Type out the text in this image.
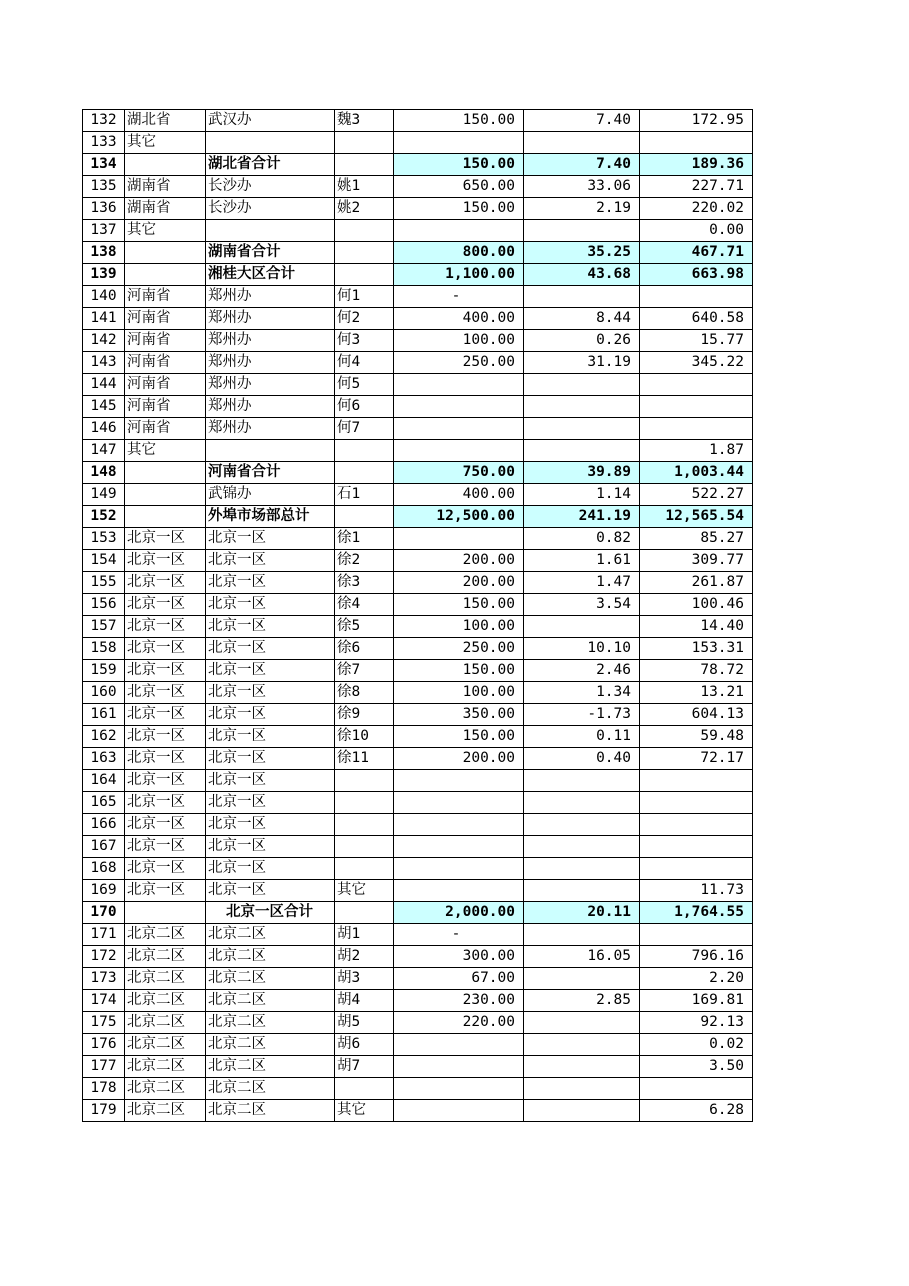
132	湖北省	武汉办	魏3	150.00	7.40	172.95
133	其它					
134		湖北省合计		150.00	7.40	189.36
135	湖南省	长沙办	姚1	650.00	33.06	227.71
136	湖南省	长沙办	姚2	150.00	2.19	220.02
137	其它					0.00
138		湖南省合计		800.00	35.25	467.71
139		湘桂大区合计		1,100.00	43.68	663.98
140	河南省	郑州办	何1	-		
141	河南省	郑州办	何2	400.00	8.44	640.58
142	河南省	郑州办	何3	100.00	0.26	15.77
143	河南省	郑州办	何4	250.00	31.19	345.22
144	河南省	郑州办	何5			
145	河南省	郑州办	何6			
146	河南省	郑州办	何7			
147	其它					1.87
148		河南省合计		750.00	39.89	1,003.44
149		武锦办	石1	400.00	1.14	522.27
152		外埠市场部总计		12,500.00	241.19	12,565.54
153	北京一区	北京一区	徐1		0.82	85.27
154	北京一区	北京一区	徐2	200.00	1.61	309.77
155	北京一区	北京一区	徐3	200.00	1.47	261.87
156	北京一区	北京一区	徐4	150.00	3.54	100.46
157	北京一区	北京一区	徐5	100.00		14.40
158	北京一区	北京一区	徐6	250.00	10.10	153.31
159	北京一区	北京一区	徐7	150.00	2.46	78.72
160	北京一区	北京一区	徐8	100.00	1.34	13.21
161	北京一区	北京一区	徐9	350.00	-1.73	604.13
162	北京一区	北京一区	徐10	150.00	0.11	59.48
163	北京一区	北京一区	徐11	200.00	0.40	72.17
164	北京一区	北京一区				
165	北京一区	北京一区				
166	北京一区	北京一区				
167	北京一区	北京一区				
168	北京一区	北京一区				
169	北京一区	北京一区	其它			11.73
170		北京一区合计		2,000.00	20.11	1,764.55
171	北京二区	北京二区	胡1	-		
172	北京二区	北京二区	胡2	300.00	16.05	796.16
173	北京二区	北京二区	胡3	67.00		2.20
174	北京二区	北京二区	胡4	230.00	2.85	169.81
175	北京二区	北京二区	胡5	220.00		92.13
176	北京二区	北京二区	胡6			0.02
177	北京二区	北京二区	胡7			3.50
178	北京二区	北京二区				
179	北京二区	北京二区	其它			6.28
